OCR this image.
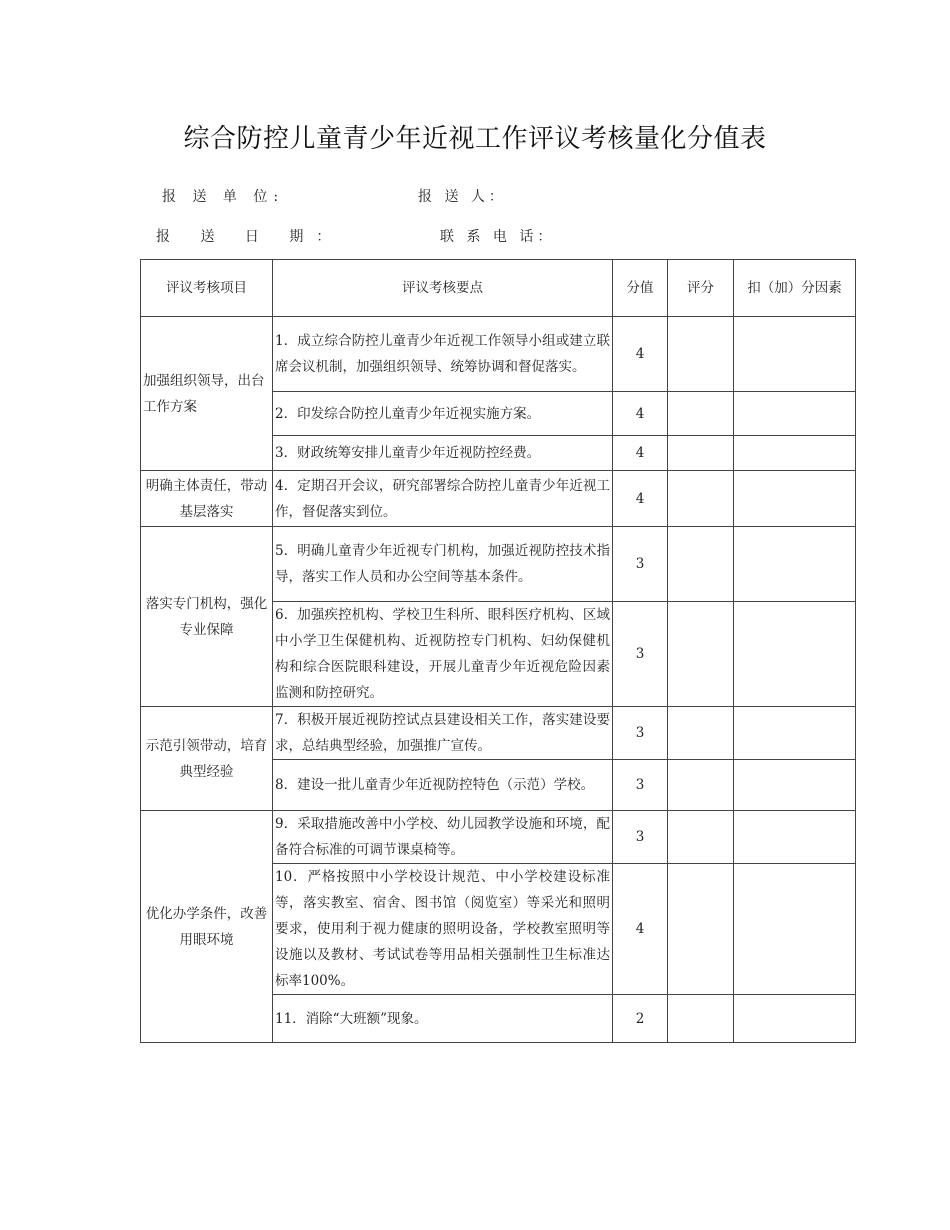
综合防控儿童青少年近视工作评议考核量化分值表
报 送 单 位:	报 送 人：
报 送 日 期：	联 系 电 话：
评议考核项目	评议考核要点	分值	评分	扣（加）分因素
加强组织领导，出台工作方案	1．成立综合防控儿童青少年近视工作领导小组或建立联席会议机制，加强组织领导、统筹协调和督促落实。	4		
	2．印发综合防控儿童青少年近视实施方案。	4		
	3．财政统筹安排儿童青少年近视防控经费。	4		
明确主体责任，带动基层落实	4．定期召开会议，研究部署综合防控儿童青少年近视工作，督促落实到位。	4		
落实专门机构，强化专业保障	5．明确儿童青少年近视专门机构，加强近视防控技术指导，落实工作人员和办公空间等基本条件。	3		
	6．加强疾控机构、学校卫生科所、眼科医疗机构、区域中小学卫生保健机构、近视防控专门机构、妇幼保健机构和综合医院眼科建设，开展儿童青少年近视危险因素监测和防控研究。	3		
示范引领带动，培育典型经验	7．积极开展近视防控试点县建设相关工作，落实建设要求，总结典型经验，加强推广宣传。	3		
	8．建设一批儿童青少年近视防控特色（示范）学校。	3		
优化办学条件，改善用眼环境	9．采取措施改善中小学校、幼儿园教学设施和环境，配备符合标准的可调节课桌椅等。	3		
	10．严格按照中小学校设计规范、中小学校建设标准等，落实教室、宿舍、图书馆（阅览室）等采光和照明要求，使用利于视力健康的照明设备，学校教室照明等设施以及教材、考试试卷等用品相关强制性卫生标准达标率100%。	4		
	11．消除“大班额”现象。	2		
